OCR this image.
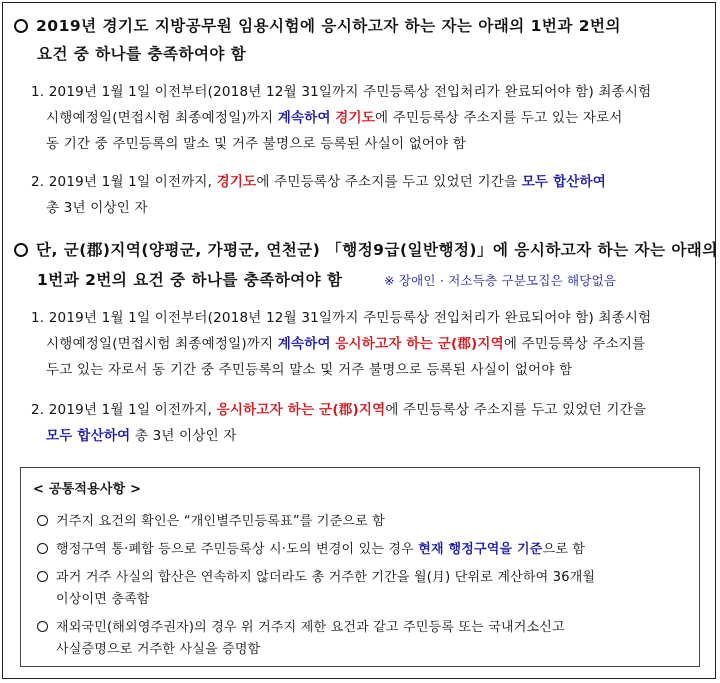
2019년 경기도 지방공무원 임용시험에 응시하고자 하는 자는 아래의 1번과 2번의
요건 중 하나를 충족하여야 함
1. 2019년 1월 1일 이전부터(2018년 12월 31일까지 주민등록상 전입처리가 완료되어야 함) 최종시험
시행예정일(면접시험 최종예정일)까지 계속하여 경기도에 주민등록상 주소지를 두고 있는 자로서
동 기간 중 주민등록의 말소 및 거주 불명으로 등록된 사실이 없어야 함
2. 2019년 1월 1일 이전까지, 경기도에 주민등록상 주소지를 두고 있었던 기간을 모두 합산하여
총 3년 이상인 자
단, 군(郡)지역(양평군, 가평군, 연천군) 「행정9급(일반행정)」에 응시하고자 하는 자는 아래의
1번과 2번의 요건 중 하나를 충족하여야 함	※ 장애인 · 저소득층 구분모집은 해당없음
1. 2019년 1월 1일 이전부터(2018년 12월 31일까지 주민등록상 전입처리가 완료되어야 함) 최종시험
시행예정일(면접시험 최종예정일)까지 계속하여 응시하고자 하는 군(郡)지역에 주민등록상 주소지를
두고 있는 자로서 동 기간 중 주민등록의 말소 및 거주 불명으로 등록된 사실이 없어야 함
2. 2019년 1월 1일 이전까지, 응시하고자 하는 군(郡)지역에 주민등록상 주소지를 두고 있었던 기간을
모두 합산하여 총 3년 이상인 자
< 공통적용사항 >
거주지 요건의 확인은 “개인별주민등록표”를 기준으로 함
행정구역 통·폐합 등으로 주민등록상 시·도의 변경이 있는 경우 현재 행정구역을 기준으로 함
과거 거주 사실의 합산은 연속하지 않더라도 총 거주한 기간을 월(月) 단위로 계산하여 36개월
이상이면 충족함
재외국민(해외영주권자)의 경우 위 거주지 제한 요건과 같고 주민등록 또는 국내거소신고
사실증명으로 거주한 사실을 증명함
